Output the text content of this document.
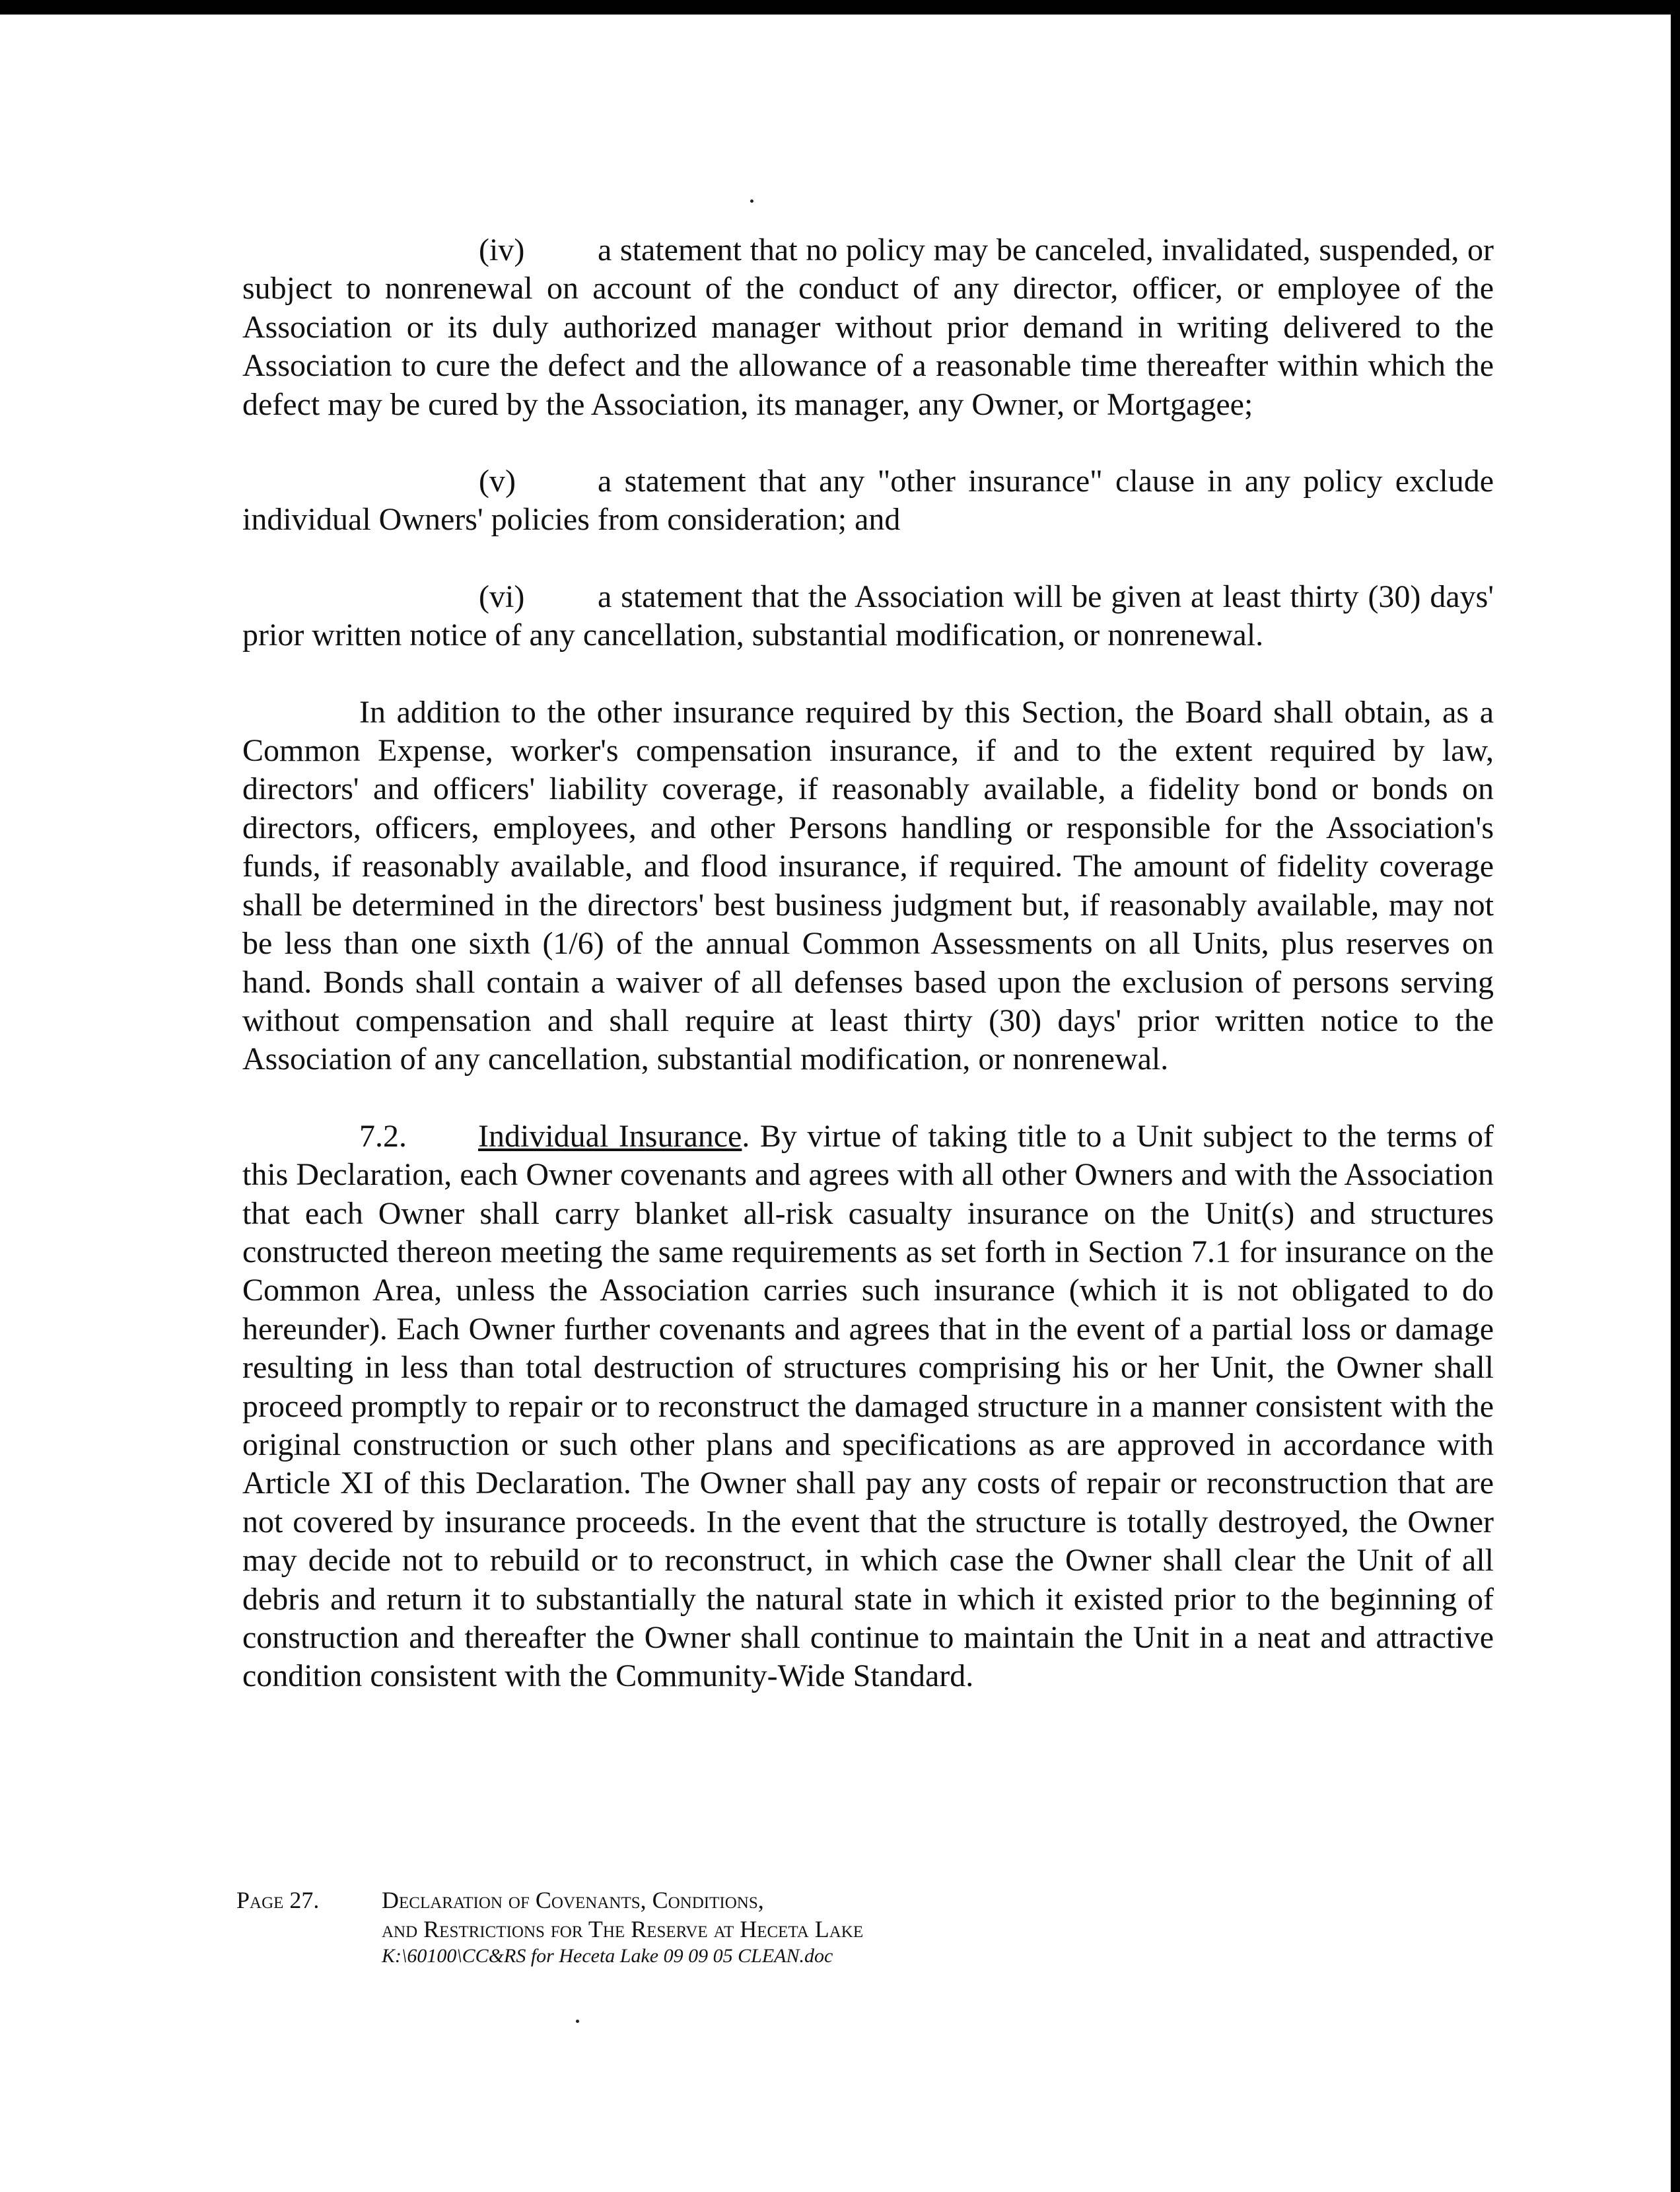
(iv) a statement that no policy may be canceled, invalidated, suspended, or subject to nonrenewal on account of the conduct of any director, officer, or employee of the Association or its duly authorized manager without prior demand in writing delivered to the Association to cure the defect and the allowance of a reasonable time thereafter within which the defect may be cured by the Association, its manager, any Owner, or Mortgagee;

(v)	a statement that any "other insurance" clause in any policy exclude individual Owners' policies from consideration; and

(vi) a statement that the Association will be given at least thirty (30) days' prior written notice of any cancellation, substantial modification, or nonrenewal.

In addition to the other insurance required by this Section, the Board shall obtain, as a Common Expense, worker's compensation insurance, if and to the extent required by law, directors' and officers' liability coverage, if reasonably available, a fidelity bond or bonds on directors, officers, employees, and other Persons handling or responsible for the Association's funds, if reasonably available, and flood insurance, if required. The amount of fidelity coverage shall be determined in the directors' best business judgment but, if reasonably available, may not be less than one sixth (1/6) of the annual Common Assessments on all Units, plus reserves on hand. Bonds shall contain a waiver of all defenses based upon the exclusion of persons serving without compensation and shall require at least thirty (30) days' prior written notice to the Association of any cancellation, substantial modification, or nonrenewal.

7.2. Individual Insurance. By virtue of taking title to a Unit subject to the terms of this Declaration, each Owner covenants and agrees with all other Owners and with the Association that each Owner shall carry blanket all-risk casualty insurance on the Unit(s) and structures constructed thereon meeting the same requirements as set forth in Section 7.1 for insurance on the Common Area, unless the Association carries such insurance (which it is not obligated to do hereunder). Each Owner further covenants and agrees that in the event of a partial loss or damage resulting in less than total destruction of structures comprising his or her Unit, the Owner shall proceed promptly to repair or to reconstruct the damaged structure in a manner consistent with the original construction or such other plans and specifications as are approved in accordance with Article XI of this Declaration. The Owner shall pay any costs of repair or reconstruction that are not covered by insurance proceeds. In the event that the structure is totally destroyed, the Owner may decide not to rebuild or to reconstruct, in which case the Owner shall clear the Unit of all debris and return it to substantially the natural state in which it existed prior to the beginning of construction and thereafter the Owner shall continue to maintain the Unit in a neat and attractive condition consistent with the Community-Wide Standard.

Page 27.	Declaration of Covenants, Conditions,
and Restrictions for The Reserve at Heceta Lake
K:\60100\CC&RS for Heceta Lake 09 09 05 CLEAN.doc
